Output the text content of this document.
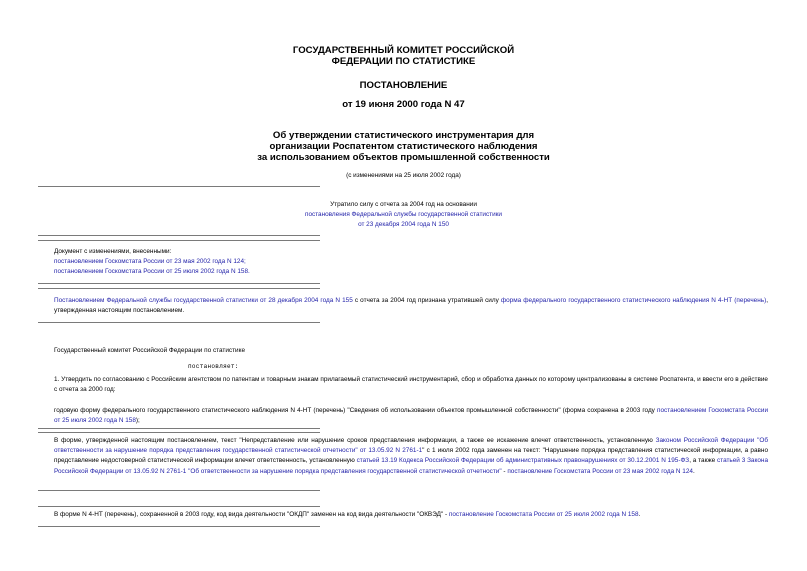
ГОСУДАРСТВЕННЫЙ КОМИТЕТ РОССИЙСКОЙ
ФЕДЕРАЦИИ ПО СТАТИСТИКЕ
ПОСТАНОВЛЕНИЕ
от 19 июня 2000 года N 47
Об утверждении статистического инструментария для
организации Роспатентом статистического наблюдения
за использованием объектов промышленной собственности
(с изменениями на 25 июля 2002 года)
Утратило силу с отчета за 2004 год на основании
постановления Федеральной службы государственной статистики
от 23 декабря 2004 года N 150
Документ с изменениями, внесенными:
постановлением Госкомстата России от 23 мая 2002 года N 124;
постановлением Госкомстата России от 25 июля 2002 года N 158.
Постановлением Федеральной службы государственной статистики от 28 декабря 2004 года N 155 с отчета за 2004 год признана утратившей силу форма федерального государственного статистического наблюдения N 4-НТ (перечень), утвержденная настоящим постановлением.
Государственный комитет Российской Федерации по статистике
постановляет:
1. Утвердить по согласованию с Российским агентством по патентам и товарным знакам прилагаемый статистический инструментарий, сбор и обработка данных по которому централизованы в системе Роспатента, и ввести его в действие с отчета за 2000 год:
годовую форму федерального государственного статистического наблюдения N 4-НТ (перечень) "Сведения об использовании объектов промышленной собственности" (форма сохранена в 2003 году постановлением Госкомстата России от 25 июля 2002 года N 158);
В форме, утвержденной настоящим постановлением, текст "Непредставление или нарушение сроков представления информации, а также ее искажение влечет ответственность, установленную Законом Российской Федерации "Об ответственности за нарушение порядка представления государственной статистической отчетности" от 13.05.92 N 2761-1" с 1 июля 2002 года заменен на текст: "Нарушение порядка представления статистической информации, а равно представление недостоверной статистической информации влечет ответственность, установленную статьей 13.19 Кодекса Российской Федерации об административных правонарушениях от 30.12.2001 N 195-ФЗ, а также статьей 3 Закона Российской Федерации от 13.05.92 N 2761-1 "Об ответственности за нарушение порядка представления государственной статистической отчетности" - постановление Госкомстата России от 23 мая 2002 года N 124.
В форме N 4-НТ (перечень), сохраненной в 2003 году, код вида деятельности "ОКДП" заменен на код вида деятельности "ОКВЭД" - постановление Госкомстата России от 25 июля 2002 года N 158.
